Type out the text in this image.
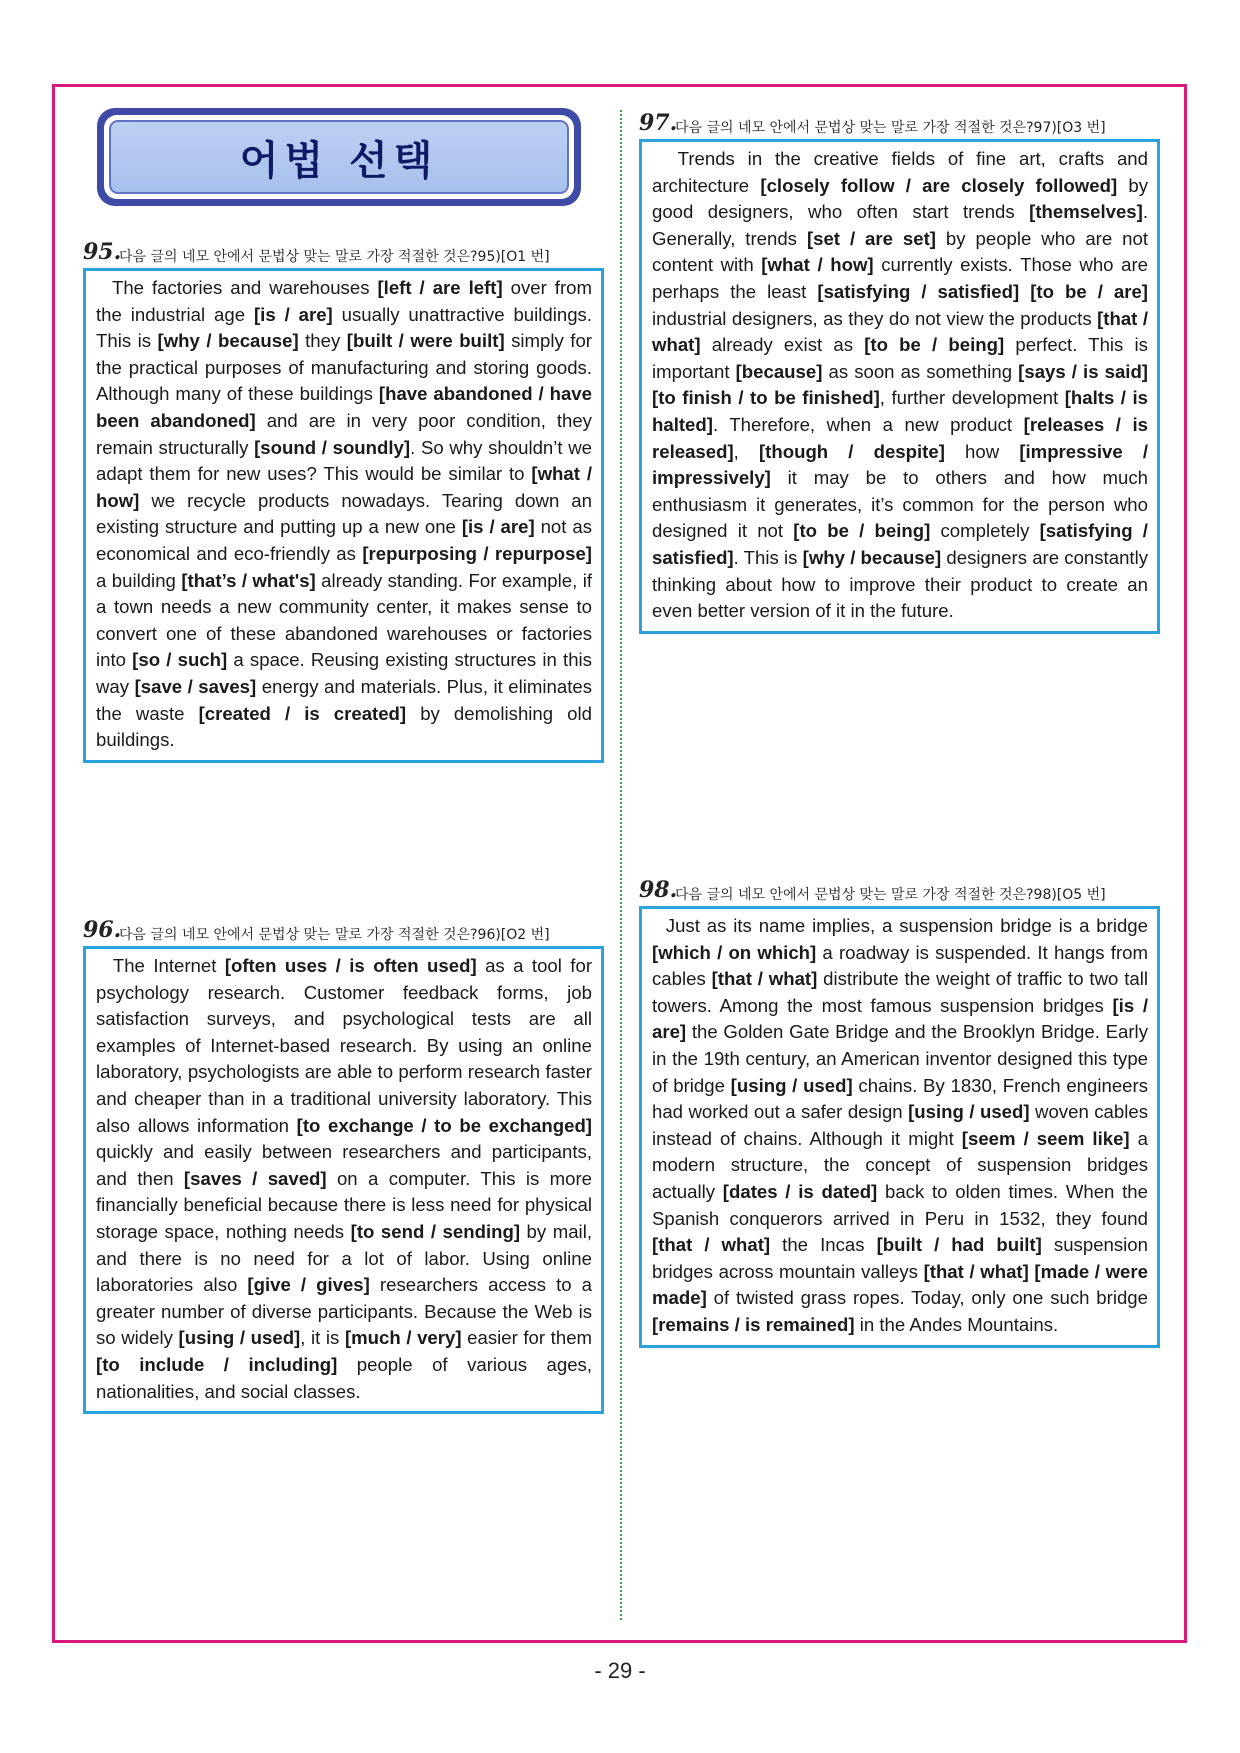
어법 선택
95.
다음 글의 네모 안에서 문법상 맞는 말로 가장 적절한 것은?95)[O1 번]
The factories and warehouses [left / are left] over from the industrial age [is / are] usually unattractive buildings. This is [why / because] they [built / were built] simply for the practical purposes of manufacturing and storing goods. Although many of these buildings [have abandoned / have been abandoned] and are in very poor condition, they remain structurally [sound / soundly]. So why shouldn’t we adapt them for new uses? This would be similar to [what / how] we recycle products nowadays. Tearing down an existing structure and putting up a new one [is / are] not as economical and eco-friendly as [repurposing / repurpose] a building [that’s / what's] already standing. For example, if a town needs a new community center, it makes sense to convert one of these abandoned warehouses or factories into [so / such] a space. Reusing existing structures in this way [save / saves] energy and materials. Plus, it eliminates the waste [created / is created] by demolishing old buildings.
96.
다음 글의 네모 안에서 문법상 맞는 말로 가장 적절한 것은?96)[O2 번]
The Internet [often uses / is often used] as a tool for psychology research. Customer feedback forms, job satisfaction surveys, and psychological tests are all examples of Internet-based research. By using an online laboratory, psychologists are able to perform research faster and cheaper than in a traditional university laboratory. This also allows information [to exchange / to be exchanged] quickly and easily between researchers and participants, and then [saves / saved] on a computer. This is more financially beneficial because there is less need for physical storage space, nothing needs [to send / sending] by mail, and there is no need for a lot of labor. Using online laboratories also [give / gives] researchers access to a greater number of diverse participants. Because the Web is so widely [using / used], it is [much / very] easier for them [to include / including] people of various ages, nationalities, and social classes.
97.
다음 글의 네모 안에서 문법상 맞는 말로 가장 적절한 것은?97)[O3 번]
Trends in the creative fields of fine art, crafts and architecture [closely follow / are closely followed] by good designers, who often start trends [themselves]. Generally, trends [set / are set] by people who are not content with [what / how] currently exists. Those who are perhaps the least [satisfying / satisfied] [to be / are] industrial designers, as they do not view the products [that / what] already exist as [to be / being] perfect. This is important [because] as soon as something [says / is said] [to finish / to be finished], further development [halts / is halted]. Therefore, when a new product [releases / is released], [though / despite] how [impressive / impressively] it may be to others and how much enthusiasm it generates, it’s common for the person who designed it not [to be / being] completely [satisfying / satisfied]. This is [why / because] designers are constantly thinking about how to improve their product to create an even better version of it in the future.
98.
다음 글의 네모 안에서 문법상 맞는 말로 가장 적절한 것은?98)[O5 번]
Just as its name implies, a suspension bridge is a bridge [which / on which] a roadway is suspended. It hangs from cables [that / what] distribute the weight of traffic to two tall towers. Among the most famous suspension bridges [is / are] the Golden Gate Bridge and the Brooklyn Bridge. Early in the 19th century, an American inventor designed this type of bridge [using / used] chains. By 1830, French engineers had worked out a safer design [using / used] woven cables instead of chains. Although it might [seem / seem like] a modern structure, the concept of suspension bridges actually [dates / is dated] back to olden times. When the Spanish conquerors arrived in Peru in 1532, they found [that / what] the Incas [built / had built] suspension bridges across mountain valleys [that / what] [made / were made] of twisted grass ropes. Today, only one such bridge [remains / is remained] in the Andes Mountains.
- 29 -
